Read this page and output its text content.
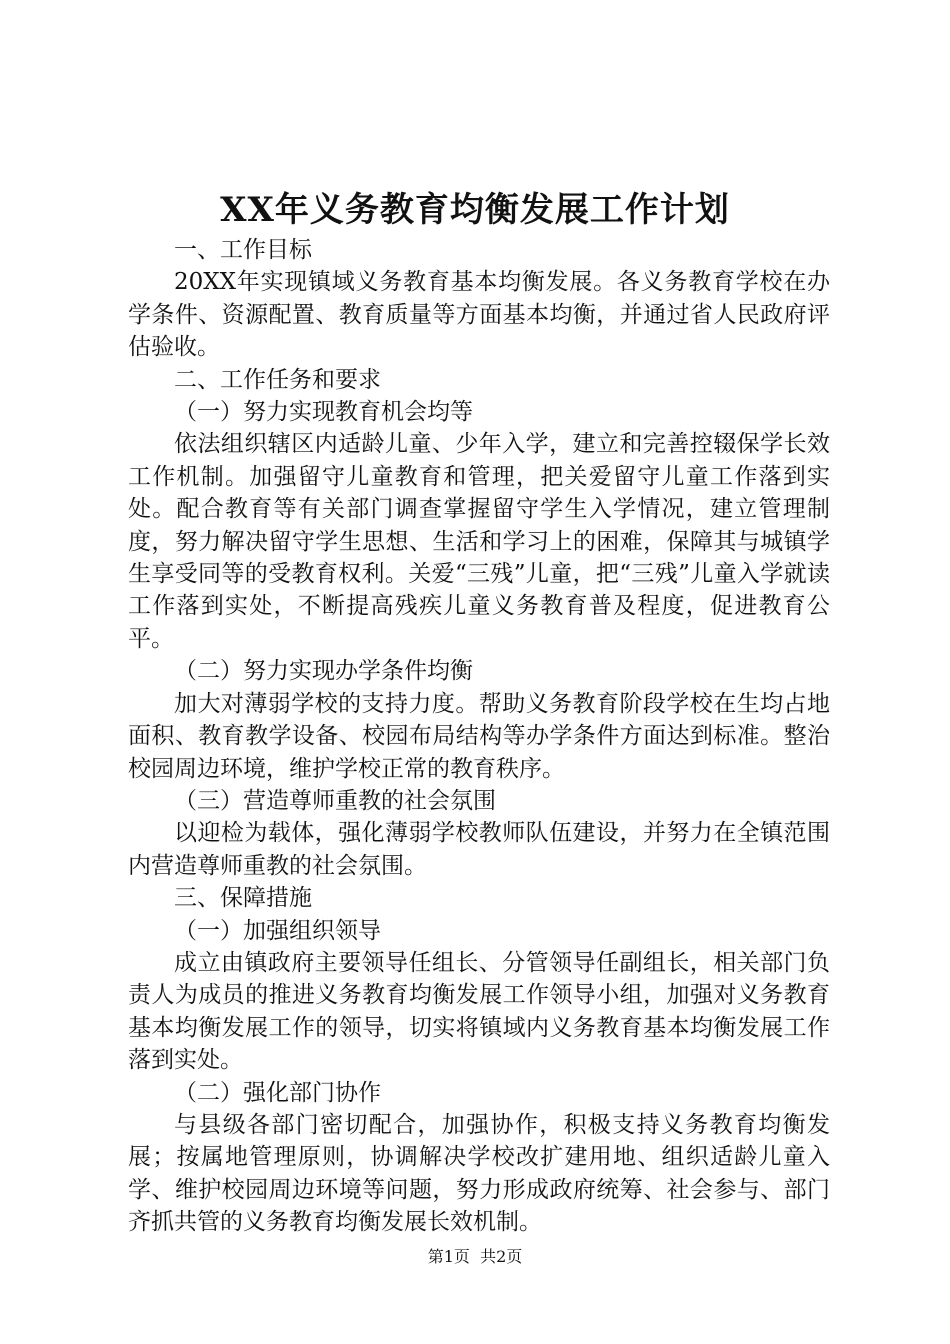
XX年义务教育均衡发展工作计划
一、工作目标
20XX年实现镇域义务教育基本均衡发展。各义务教育学校在办学条件、资源配置、教育质量等方面基本均衡，并通过省人民政府评估验收。
二、工作任务和要求
（一）努力实现教育机会均等
依法组织辖区内适龄儿童、少年入学，建立和完善控辍保学长效工作机制。加强留守儿童教育和管理，把关爱留守儿童工作落到实处。配合教育等有关部门调查掌握留守学生入学情况，建立管理制度，努力解决留守学生思想、生活和学习上的困难，保障其与城镇学生享受同等的受教育权利。关爱“三残”儿童，把“三残”儿童入学就读工作落到实处，不断提高残疾儿童义务教育普及程度，促进教育公平。
（二）努力实现办学条件均衡
加大对薄弱学校的支持力度。帮助义务教育阶段学校在生均占地面积、教育教学设备、校园布局结构等办学条件方面达到标准。整治校园周边环境，维护学校正常的教育秩序。
（三）营造尊师重教的社会氛围
以迎检为载体，强化薄弱学校教师队伍建设，并努力在全镇范围内营造尊师重教的社会氛围。
三、保障措施
（一）加强组织领导
成立由镇政府主要领导任组长、分管领导任副组长，相关部门负责人为成员的推进义务教育均衡发展工作领导小组，加强对义务教育基本均衡发展工作的领导，切实将镇域内义务教育基本均衡发展工作落到实处。
（二）强化部门协作
与县级各部门密切配合，加强协作，积极支持义务教育均衡发展；按属地管理原则，协调解决学校改扩建用地、组织适龄儿童入学、维护校园周边环境等问题，努力形成政府统筹、社会参与、部门齐抓共管的义务教育均衡发展长效机制。
第1页  共2页
